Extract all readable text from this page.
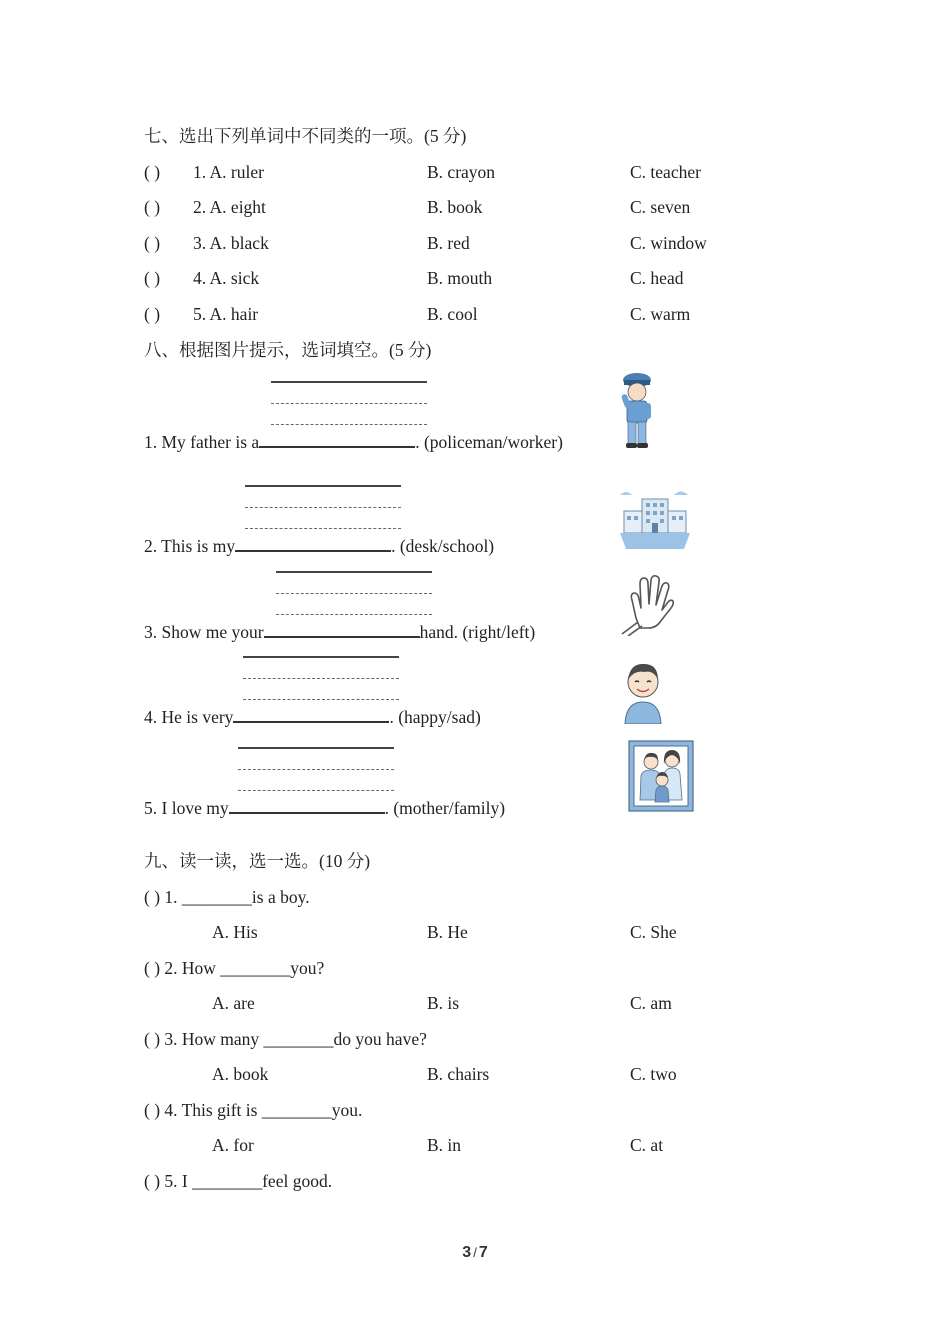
七、选出下列单词中不同类的一项。(5 分)
( ) 1. A. ruler	B. crayon	C. teacher
( ) 2. A. eight	B. book	C. seven
( ) 3. A. black	B. red	C. window
( ) 4. A. sick	B. mouth	C. head
( ) 5. A. hair	B. cool	C. warm
八、根据图片提示，选词填空。(5 分)
1. My father is a	. (policeman/worker)
2. This is my	. (desk/school)
3. Show me your	hand. (right/left)
4. He is very	. (happy/sad)
5. I love my	. (mother/family)
九、读一读，选一选。(10 分)
( ) 1. ________is a boy.
A. His	B. He	C. She
( ) 2. How ________you?
A. are	B. is	C. am
( ) 3. How many ________do you have?
A. book	B. chairs	C. two
( ) 4. This gift is ________you.
A. for	B. in	C. at
( ) 5. I ________feel good.
3 / 7
